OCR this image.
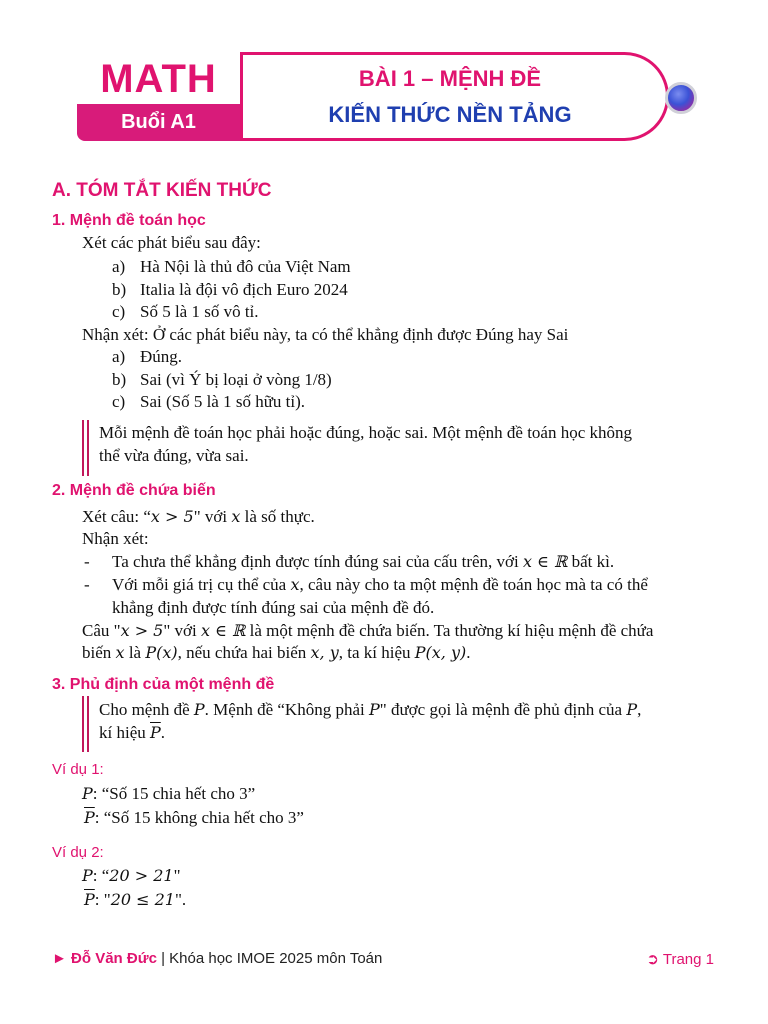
MATH
Buổi A1
BÀI 1 – MỆNH ĐỀ
KIẾN THỨC NỀN TẢNG
A. TÓM TẮT KIẾN THỨC
1. Mệnh đề toán học
Xét các phát biểu sau đây:
a) Hà Nội là thủ đô của Việt Nam
b) Italia là đội vô địch Euro 2024
c) Số 5 là 1 số vô tỉ.
Nhận xét: Ở các phát biểu này, ta có thể khẳng định được Đúng hay Sai
a) Đúng.
b) Sai (vì Ý bị loại ở vòng 1/8)
c) Sai (Số 5 là 1 số hữu tỉ).
Mỗi mệnh đề toán học phải hoặc đúng, hoặc sai. Một mệnh đề toán học không
thể vừa đúng, vừa sai.
2. Mệnh đề chứa biến
Xét câu: “x > 5" với x là số thực.
Nhận xét:
- Ta chưa thể khẳng định được tính đúng sai của cấu trên, với x ∈ ℝ bất kì.
- Với mỗi giá trị cụ thể của x, câu này cho ta một mệnh đề toán học mà ta có thể
khẳng định được tính đúng sai của mệnh đề đó.
Câu "x > 5" với x ∈ ℝ là một mệnh đề chứa biến. Ta thường kí hiệu mệnh đề chứa
biến x là P(x), nếu chứa hai biến x, y, ta kí hiệu P(x, y).
3. Phủ định của một mệnh đề
Cho mệnh đề P. Mệnh đề “Không phải P" được gọi là mệnh đề phủ định của P,
kí hiệu $\overline{P}$.
Ví dụ 1:
P: “Số 15 chia hết cho 3”
$\overline{P}$: “Số 15 không chia hết cho 3”
Ví dụ 2:
P: “20 > 21"
$\overline{P}$: "20 ≤ 21".
► Đỗ Văn Đức | Khóa học IMOE 2025 môn Toán	➲ Trang 1
